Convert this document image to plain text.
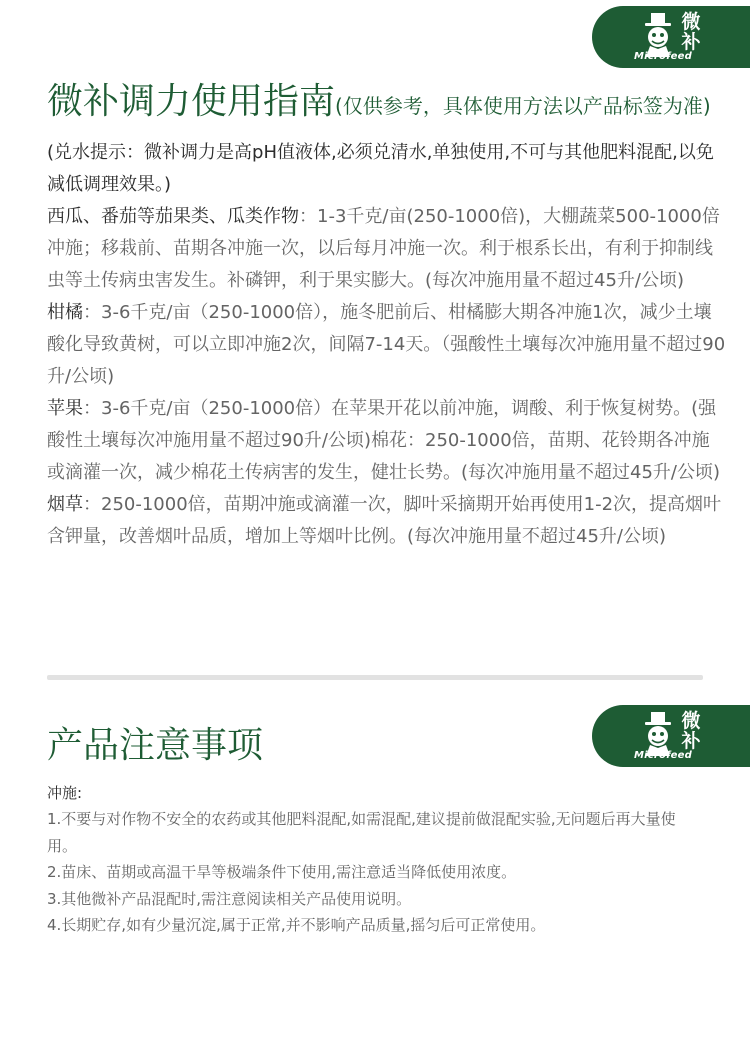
微补
Microfeed
微补调力使用指南(仅供参考，具体使用方法以产品标签为准)

(兑水提示：微补调力是高pH值液体,必须兑清水,单独使用,不可与其他肥料混配,以免减低调理效果。)

西瓜、番茄等茄果类、瓜类作物：1-3千克/亩(250-1000倍)，大棚蔬菜500-1000倍冲施；移栽前、苗期各冲施一次，以后每月冲施一次。利于根系长出，有利于抑制线虫等土传病虫害发生。补磷钾，利于果实膨大。(每次冲施用量不超过45升/公顷)

柑橘：3-6千克/亩（250-1000倍），施冬肥前后、柑橘膨大期各冲施1次，减少土壤酸化导致黄树，可以立即冲施2次，间隔7-14天。（强酸性土壤每次冲施用量不超过90升/公顷)

苹果：3-6千克/亩（250-1000倍）在苹果开花以前冲施，调酸、利于恢复树势。(强酸性土壤每次冲施用量不超过90升/公顷)棉花：250-1000倍，苗期、花铃期各冲施或滴灌一次，减少棉花土传病害的发生，健壮长势。(每次冲施用量不超过45升/公顷)

烟草：250-1000倍，苗期冲施或滴灌一次，脚叶采摘期开始再使用1-2次，提高烟叶含钾量，改善烟叶品质，增加上等烟叶比例。(每次冲施用量不超过45升/公顷)

微补
Microfeed
产品注意事项

冲施:

1.不要与对作物不安全的农药或其他肥料混配,如需混配,建议提前做混配实验,无问题后再大量使用。

2.苗床、苗期或高温干旱等极端条件下使用,需注意适当降低使用浓度。

3.其他微补产品混配时,需注意阅读相关产品使用说明。

4.长期贮存,如有少量沉淀,属于正常,并不影响产品质量,摇匀后可正常使用。
